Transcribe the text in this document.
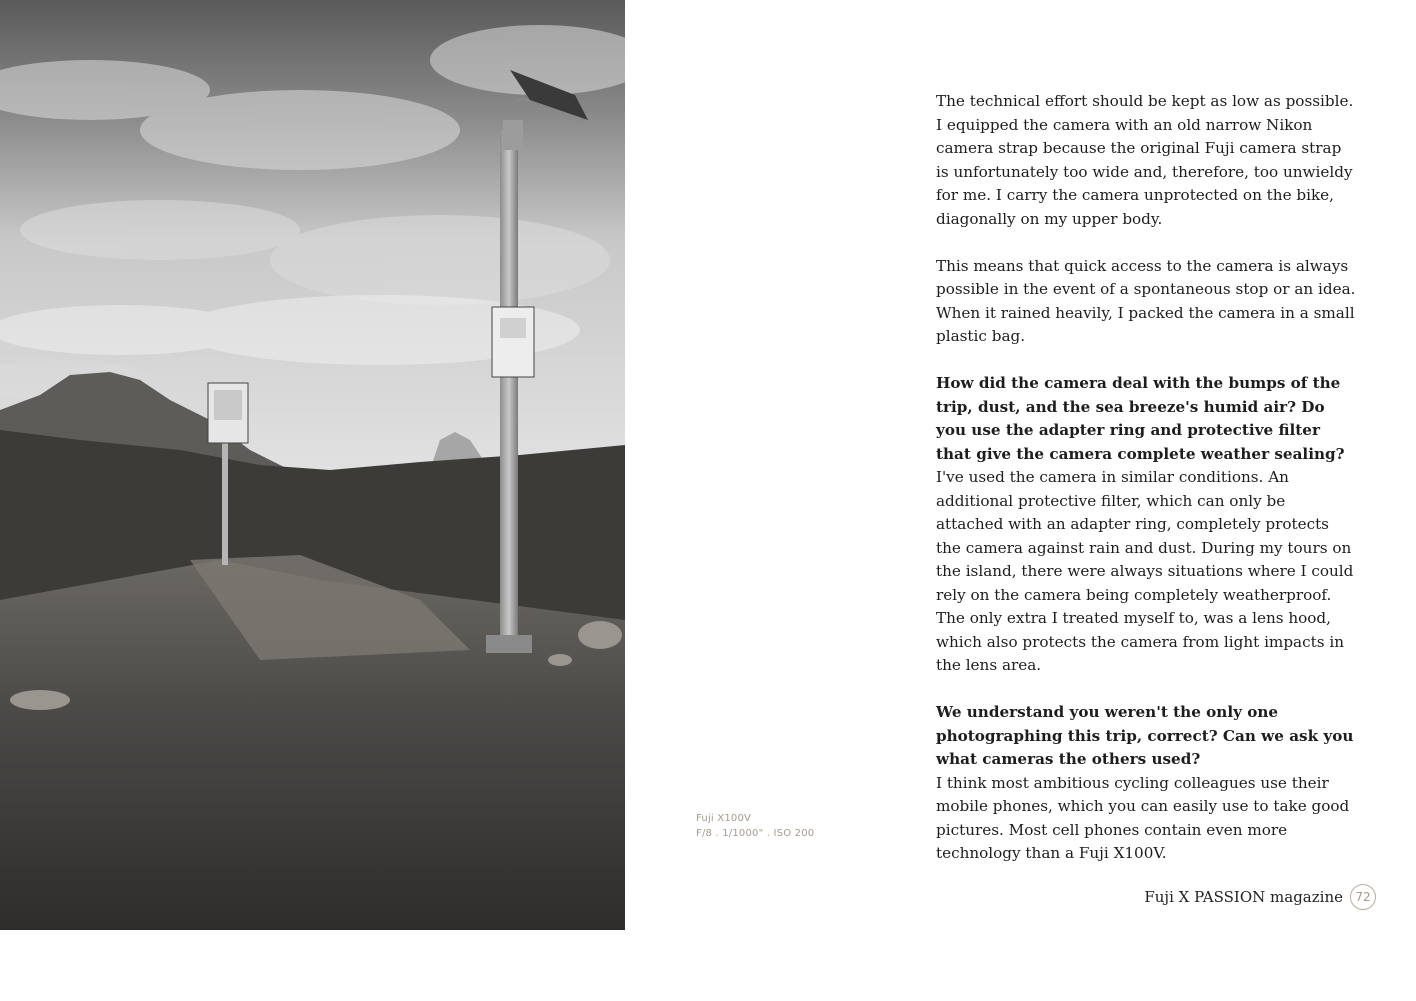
Fuji X100V
F/8 . 1/1000" . ISO 200

The technical effort should be kept as low as possible. I equipped the camera with an old narrow Nikon camera strap because the original Fuji camera strap is unfortunately too wide and, therefore, too unwieldy for me. I carry the camera unprotected on the bike, diagonally on my upper body.

This means that quick access to the camera is always possible in the event of a spontaneous stop or an idea. When it rained heavily, I packed the camera in a small plastic bag.

How did the camera deal with the bumps of the trip, dust, and the sea breeze's humid air? Do you use the adapter ring and protective filter that give the camera complete weather sealing?
I've used the camera in similar conditions. An additional protective filter, which can only be attached with an adapter ring, completely protects the camera against rain and dust. During my tours on the island, there were always situations where I could rely on the camera being completely weatherproof. The only extra I treated myself to, was a lens hood, which also protects the camera from light impacts in the lens area.

We understand you weren't the only one photographing this trip, correct? Can we ask you what cameras the others used?
I think most ambitious cycling colleagues use their mobile phones, which you can easily use to take good pictures. Most cell phones contain even more technology than a Fuji X100V.

Fuji X PASSION magazine	72
